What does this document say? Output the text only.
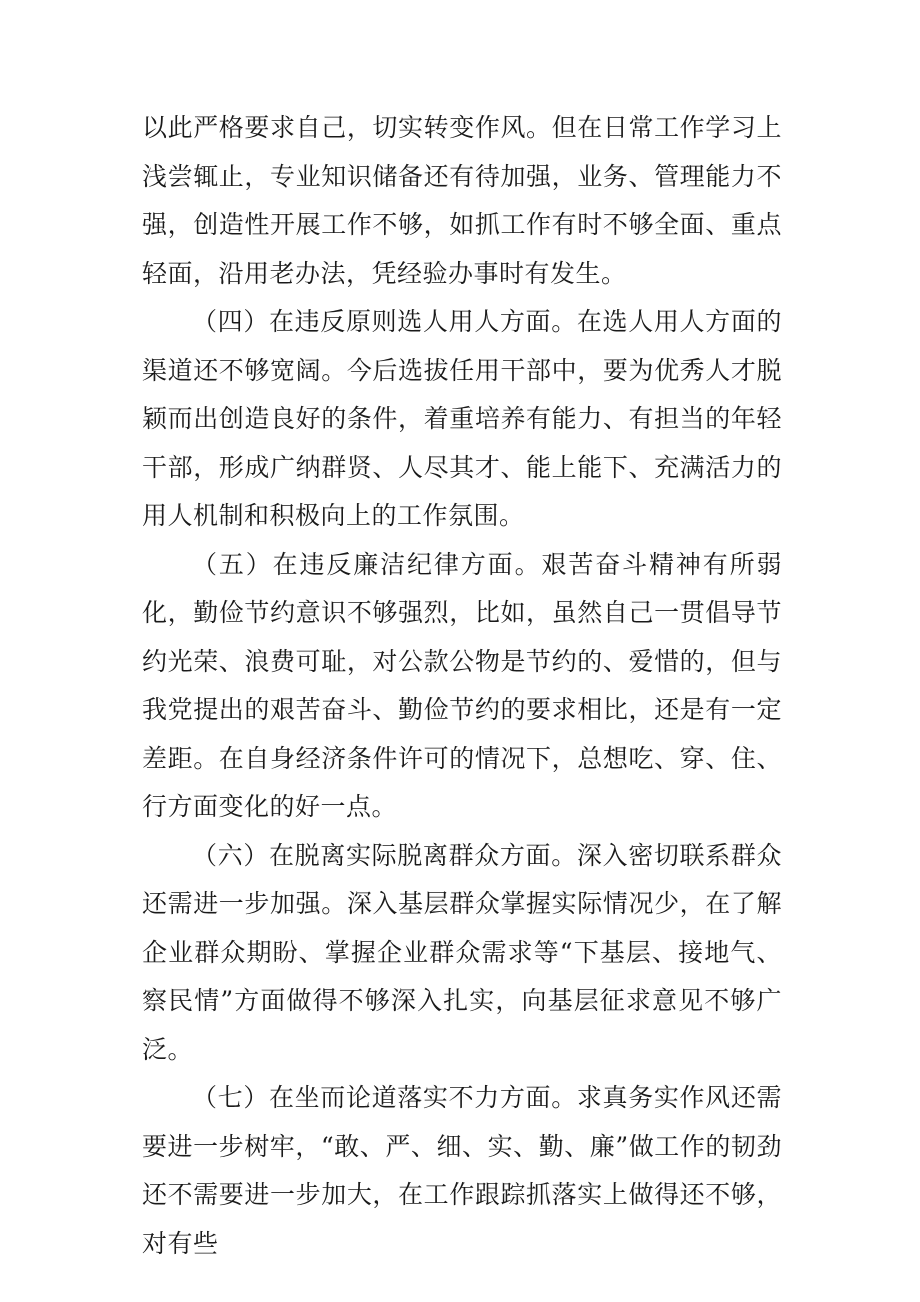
以此严格要求自己，切实转变作风。但在日常工作学习上浅尝辄止，专业知识储备还有待加强，业务、管理能力不强，创造性开展工作不够，如抓工作有时不够全面、重点轻面，沿用老办法，凭经验办事时有发生。

（四）在违反原则选人用人方面。在选人用人方面的渠道还不够宽阔。今后选拔任用干部中，要为优秀人才脱颖而出创造良好的条件，着重培养有能力、有担当的年轻干部，形成广纳群贤、人尽其才、能上能下、充满活力的用人机制和积极向上的工作氛围。

（五）在违反廉洁纪律方面。艰苦奋斗精神有所弱化，勤俭节约意识不够强烈，比如，虽然自己一贯倡导节约光荣、浪费可耻，对公款公物是节约的、爱惜的，但与我党提出的艰苦奋斗、勤俭节约的要求相比，还是有一定差距。在自身经济条件许可的情况下，总想吃、穿、住、行方面变化的好一点。

（六）在脱离实际脱离群众方面。深入密切联系群众还需进一步加强。深入基层群众掌握实际情况少，在了解企业群众期盼、掌握企业群众需求等“下基层、接地气、察民情”方面做得不够深入扎实，向基层征求意见不够广泛。

（七）在坐而论道落实不力方面。求真务实作风还需要进一步树牢，“敢、严、细、实、勤、廉”做工作的韧劲还不需要进一步加大，在工作跟踪抓落实上做得还不够，对有些
